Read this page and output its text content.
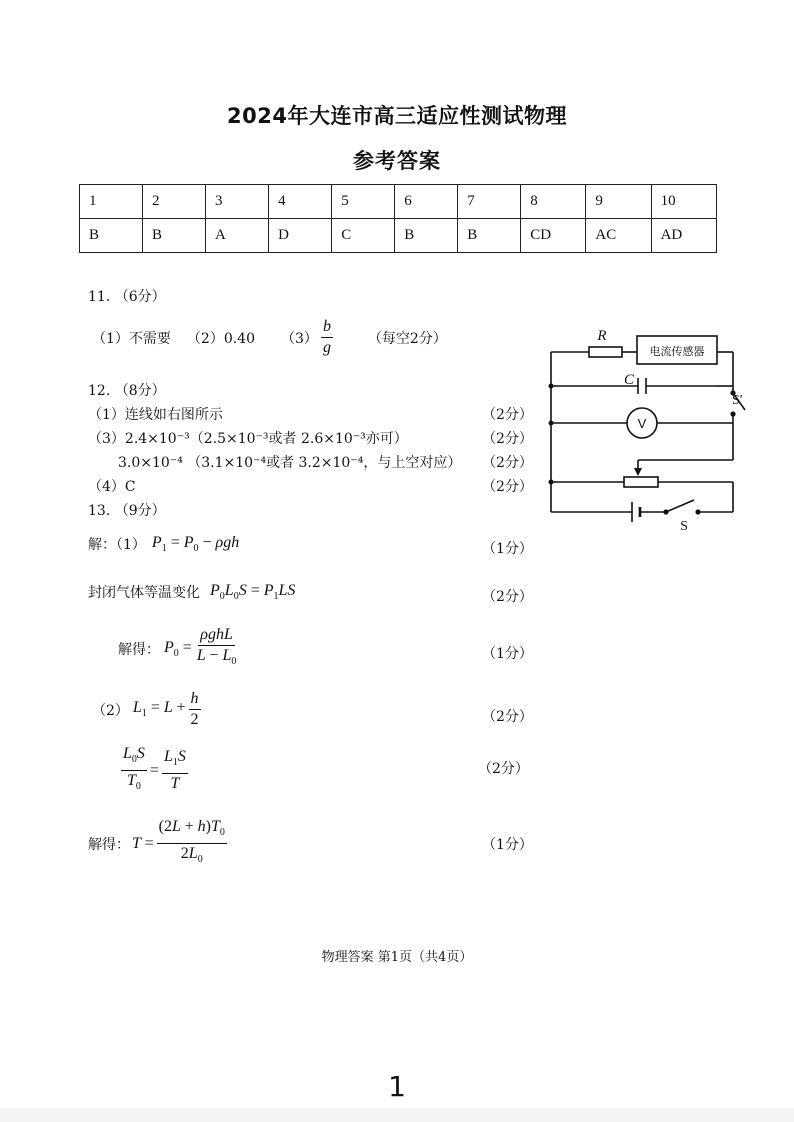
2024年大连市高三适应性测试物理
参考答案
1	2	3	4	5	6	7	8	9	10
B	B	A	D	C	B	B	CD	AC	AD
11. （6分）
（1）不需要 （2）0.40 $(3) \frac{b}{g}$	（每空2分）
12. （8分）
（1）连线如右图所示	（2分）
（3）2.4×10⁻³（2.5×10⁻³或者 2.6×10⁻³亦可）	（2分）
3.0×10⁻⁴ （3.1×10⁻⁴或者 3.2×10⁻⁴，与上空对应） （2分）
（4）C	（2分）
R
电流传感器
C
S′
V
S
13. （9分）
解：（1） $P_1 = P_0 - \rho gh$	（1分）
封闭气体等温变化 $P_0L_0S = P_1LS$	（2分）
解得： $P_0 = \frac{\text{ρghL}}{L - L_0}$	（1分）
（2） $L_1 = L + \frac{h}{2}$	（2分）
$\frac{L_0S}{T_0} = \frac{L_1S}{T}$	（2分）
解得： $T = \frac{(2L + h)T_0}{2L_0}$	（1分）
物理答案 第1页（共4页）
1
